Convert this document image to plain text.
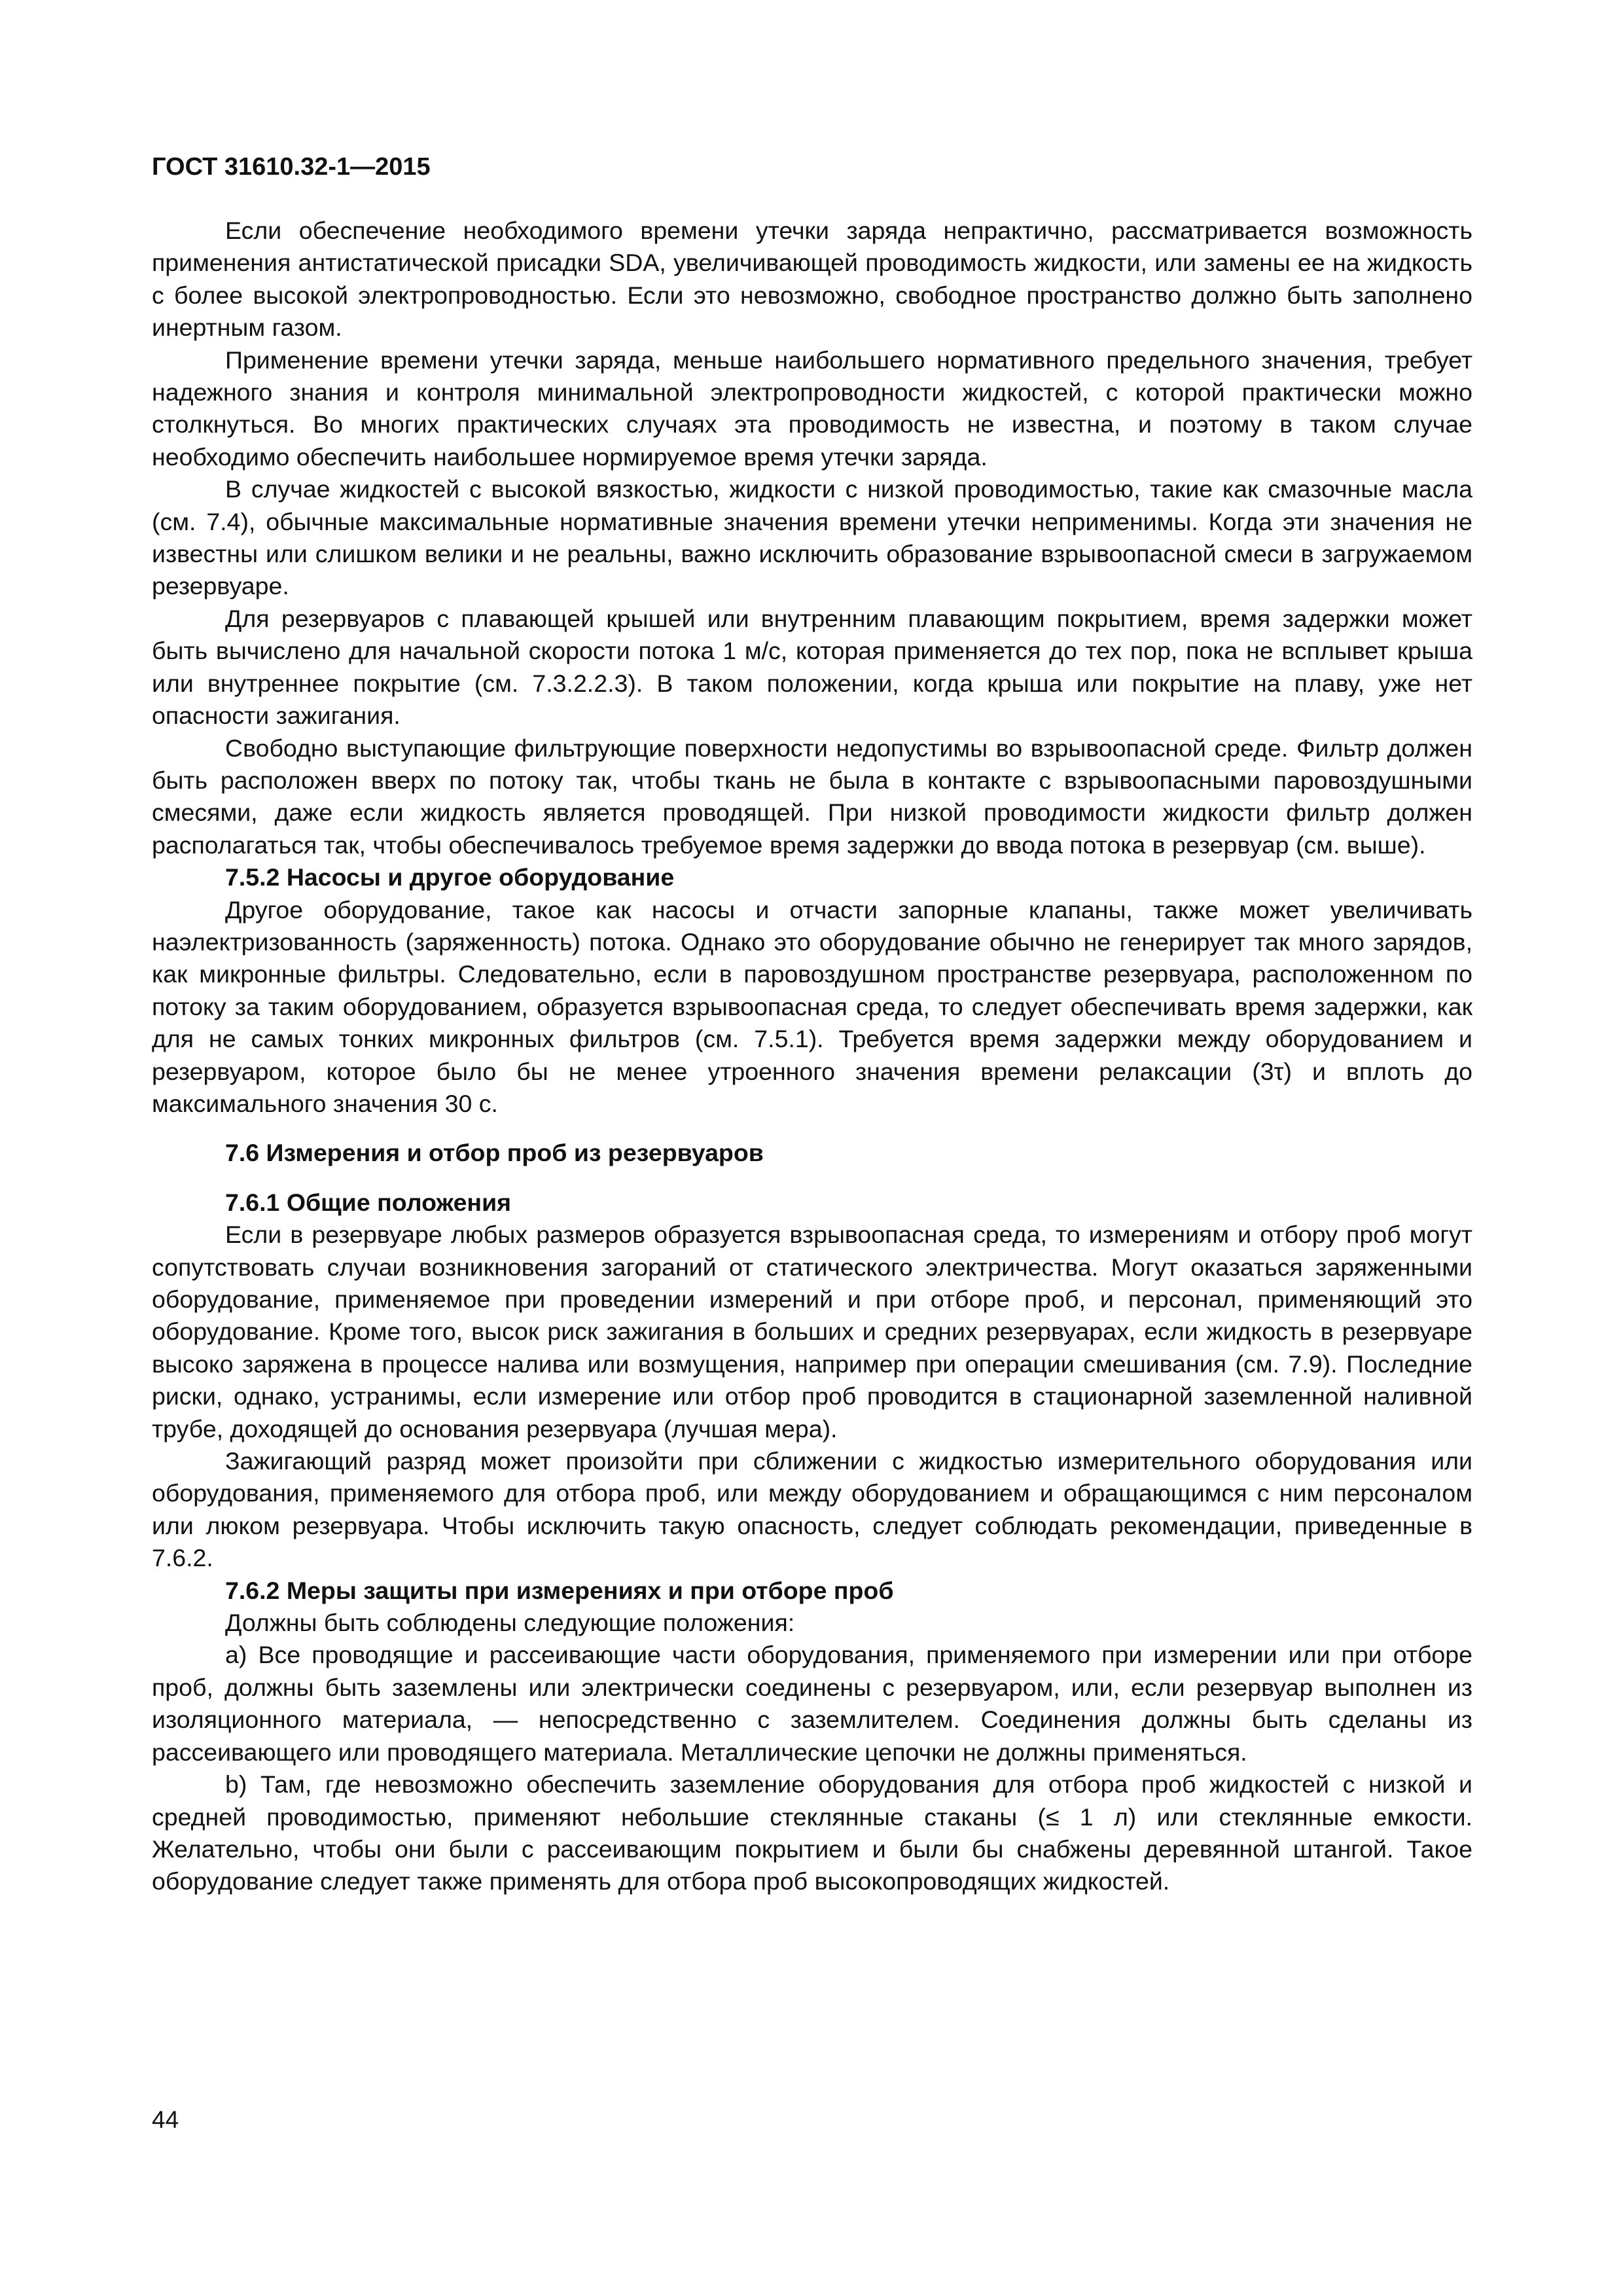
ГОСТ 31610.32-1—2015

Если обеспечение необходимого времени утечки заряда непрактично, рассматривается возможность применения антистатической присадки SDA, увеличивающей проводимость жидкости, или замены ее на жидкость с более высокой электропроводностью. Если это невозможно, свободное пространство должно быть заполнено инертным газом.

Применение времени утечки заряда, меньше наибольшего нормативного предельного значения, требует надежного знания и контроля минимальной электропроводности жидкостей, с которой практически можно столкнуться. Во многих практических случаях эта проводимость не известна, и поэтому в таком случае необходимо обеспечить наибольшее нормируемое время утечки заряда.

В случае жидкостей с высокой вязкостью, жидкости с низкой проводимостью, такие как смазочные масла (см. 7.4), обычные максимальные нормативные значения времени утечки неприменимы. Когда эти значения не известны или слишком велики и не реальны, важно исключить образование взрывоопасной смеси в загружаемом резервуаре.

Для резервуаров с плавающей крышей или внутренним плавающим покрытием, время задержки может быть вычислено для начальной скорости потока 1 м/с, которая применяется до тех пор, пока не всплывет крыша или внутреннее покрытие (см. 7.3.2.2.3). В таком положении, когда крыша или покрытие на плаву, уже нет опасности зажигания.

Свободно выступающие фильтрующие поверхности недопустимы во взрывоопасной среде. Фильтр должен быть расположен вверх по потоку так, чтобы ткань не была в контакте с взрывоопасными паровоздушными смесями, даже если жидкость является проводящей. При низкой проводимости жидкости фильтр должен располагаться так, чтобы обеспечивалось требуемое время задержки до ввода потока в резервуар (см. выше).

7.5.2 Насосы и другое оборудование

Другое оборудование, такое как насосы и отчасти запорные клапаны, также может увеличивать наэлектризованность (заряженность) потока. Однако это оборудование обычно не генерирует так много зарядов, как микронные фильтры. Следовательно, если в паровоздушном пространстве резервуара, расположенном по потоку за таким оборудованием, образуется взрывоопасная среда, то следует обеспечивать время задержки, как для не самых тонких микронных фильтров (см. 7.5.1). Требуется время задержки между оборудованием и резервуаром, которое было бы не менее утроенного значения времени релаксации (3τ) и вплоть до максимального значения 30 с.

7.6 Измерения и отбор проб из резервуаров

7.6.1 Общие положения

Если в резервуаре любых размеров образуется взрывоопасная среда, то измерениям и отбору проб могут сопутствовать случаи возникновения загораний от статического электричества. Могут оказаться заряженными оборудование, применяемое при проведении измерений и при отборе проб, и персонал, применяющий это оборудование. Кроме того, высок риск зажигания в больших и средних резервуарах, если жидкость в резервуаре высоко заряжена в процессе налива или возмущения, например при операции смешивания (см. 7.9). Последние риски, однако, устранимы, если измерение или отбор проб проводится в стационарной заземленной наливной трубе, доходящей до основания резервуара (лучшая мера).

Зажигающий разряд может произойти при сближении с жидкостью измерительного оборудования или оборудования, применяемого для отбора проб, или между оборудованием и обращающимся с ним персоналом или люком резервуара. Чтобы исключить такую опасность, следует соблюдать рекомендации, приведенные в 7.6.2.

7.6.2 Меры защиты при измерениях и при отборе проб

Должны быть соблюдены следующие положения:

а) Все проводящие и рассеивающие части оборудования, применяемого при измерении или при отборе проб, должны быть заземлены или электрически соединены с резервуаром, или, если резервуар выполнен из изоляционного материала, — непосредственно с заземлителем. Соединения должны быть сделаны из рассеивающего или проводящего материала. Металлические цепочки не должны применяться.

b) Там, где невозможно обеспечить заземление оборудования для отбора проб жидкостей с низкой и средней проводимостью, применяют небольшие стеклянные стаканы (≤ 1 л) или стеклянные емкости. Желательно, чтобы они были с рассеивающим покрытием и были бы снабжены деревянной штангой. Такое оборудование следует также применять для отбора проб высокопроводящих жидкостей.

44
